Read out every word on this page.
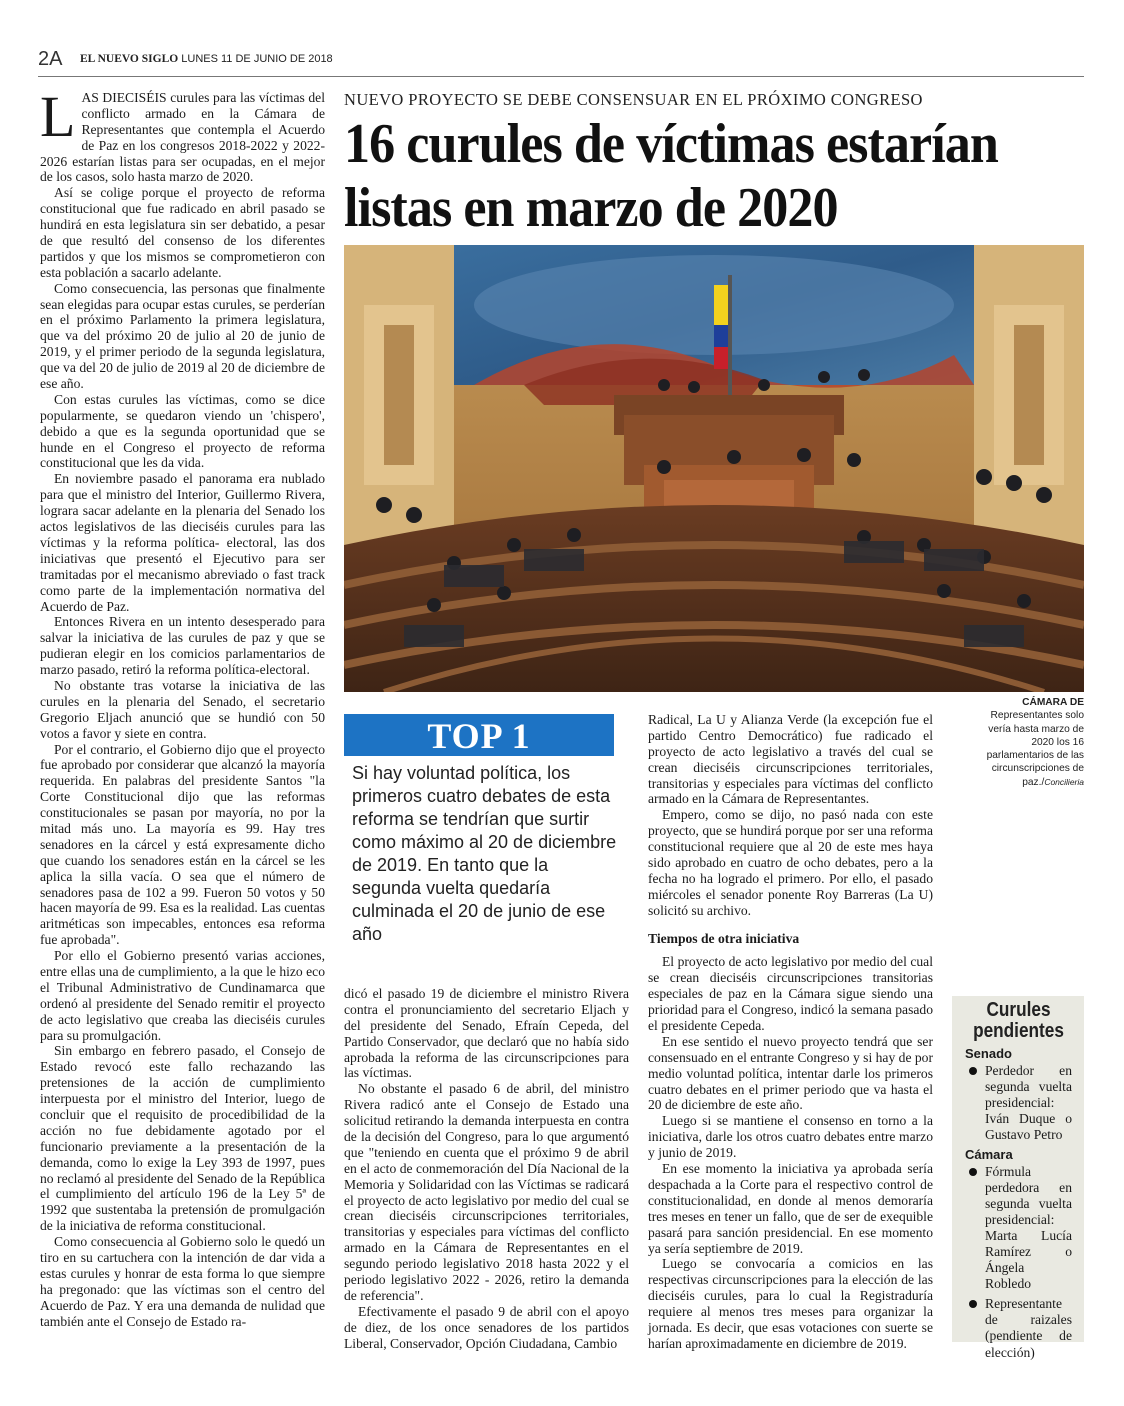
2A EL NUEVO SIGLO LUNES 11 DE JUNIO DE 2018

LAS DIECISÉIS curules para las víctimas del conflicto armado en la Cámara de Representantes que contempla el Acuerdo de Paz en los congresos 2018-2022 y 2022-2026 estarían listas para ser ocupadas, en el mejor de los casos, solo hasta marzo de 2020.

Así se colige porque el proyecto de reforma constitucional que fue radicado en abril pasado se hundirá en esta legislatura sin ser debatido, a pesar de que resultó del consenso de los diferentes partidos y que los mismos se comprometieron con esta población a sacarlo adelante.

Como consecuencia, las personas que finalmente sean elegidas para ocupar estas curules, se perderían en el próximo Parlamento la primera legislatura, que va del próximo 20 de julio al 20 de junio de 2019, y el primer periodo de la segunda legislatura, que va del 20 de julio de 2019 al 20 de diciembre de ese año.

Con estas curules las víctimas, como se dice popularmente, se quedaron viendo un 'chispero', debido a que es la segunda oportunidad que se hunde en el Congreso el proyecto de reforma constitucional que les da vida.

En noviembre pasado el panorama era nublado para que el ministro del Interior, Guillermo Rivera, lograra sacar adelante en la plenaria del Senado los actos legislativos de las dieciséis curules para las víctimas y la reforma política- electoral, las dos iniciativas que presentó el Ejecutivo para ser tramitadas por el mecanismo abreviado o fast track como parte de la implementación normativa del Acuerdo de Paz.

Entonces Rivera en un intento desesperado para salvar la iniciativa de las curules de paz y que se pudieran elegir en los comicios parlamentarios de marzo pasado, retiró la reforma política-electoral.

No obstante tras votarse la iniciativa de las curules en la plenaria del Senado, el secretario Gregorio Eljach anunció que se hundió con 50 votos a favor y siete en contra.

Por el contrario, el Gobierno dijo que el proyecto fue aprobado por considerar que alcanzó la mayoría requerida. En palabras del presidente Santos "la Corte Constitucional dijo que las reformas constitucionales se pasan por mayoría, no por la mitad más uno. La mayoría es 99. Hay tres senadores en la cárcel y está expresamente dicho que cuando los senadores están en la cárcel se les aplica la silla vacía. O sea que el número de senadores pasa de 102 a 99. Fueron 50 votos y 50 hacen mayoría de 99. Esa es la realidad. Las cuentas aritméticas son impecables, entonces esa reforma fue aprobada".

Por ello el Gobierno presentó varias acciones, entre ellas una de cumplimiento, a la que le hizo eco el Tribunal Administrativo de Cundinamarca que ordenó al presidente del Senado remitir el proyecto de acto legislativo que creaba las dieciséis curules para su promulgación.

Sin embargo en febrero pasado, el Consejo de Estado revocó este fallo rechazando las pretensiones de la acción de cumplimiento interpuesta por el ministro del Interior, luego de concluir que el requisito de procedibilidad de la acción no fue debidamente agotado por el funcionario previamente a la presentación de la demanda, como lo exige la Ley 393 de 1997, pues no reclamó al presidente del Senado de la República el cumplimiento del artículo 196 de la Ley 5ª de 1992 que sustentaba la pretensión de promulgación de la iniciativa de reforma constitucional.

Como consecuencia al Gobierno solo le quedó un tiro en su cartuchera con la intención de dar vida a estas curules y honrar de esta forma lo que siempre ha pregonado: que las víctimas son el centro del Acuerdo de Paz. Y era una demanda de nulidad que también ante el Consejo de Estado ra-

NUEVO PROYECTO SE DEBE CONSENSUAR EN EL PRÓXIMO CONGRESO
16 curules de víctimas estarían listas en marzo de 2020
CÁMARA DE
Representantes solo vería hasta marzo de 2020 los 16 parlamentarios de las circunscripciones de paz./Concilieria
TOP 1
Si hay voluntad política, los primeros cuatro debates de esta reforma se tendrían que surtir como máximo al 20 de diciembre de 2019. En tanto que la segunda vuelta quedaría culminada el 20 de junio de ese año

dicó el pasado 19 de diciembre el ministro Rivera contra el pronunciamiento del secretario Eljach y del presidente del Senado, Efraín Cepeda, del Partido Conservador, que declaró que no había sido aprobada la reforma de las circunscripciones para las víctimas.

No obstante el pasado 6 de abril, del ministro Rivera radicó ante el Consejo de Estado una solicitud retirando la demanda interpuesta en contra de la decisión del Congreso, para lo que argumentó que "teniendo en cuenta que el próximo 9 de abril en el acto de conmemoración del Día Nacional de la Memoria y Solidaridad con las Víctimas se radicará el proyecto de acto legislativo por medio del cual se crean dieciséis circunscripciones territoriales, transitorias y especiales para víctimas del conflicto armado en la Cámara de Representantes en el segundo periodo legislativo 2018 hasta 2022 y el periodo legislativo 2022 - 2026, retiro la demanda de referencia".

Efectivamente el pasado 9 de abril con el apoyo de diez, de los once senadores de los partidos Liberal, Conservador, Opción Ciudadana, Cambio

Radical, La U y Alianza Verde (la excepción fue el partido Centro Democrático) fue radicado el proyecto de acto legislativo a través del cual se crean dieciséis circunscripciones territoriales, transitorias y especiales para víctimas del conflicto armado en la Cámara de Representantes.

Empero, como se dijo, no pasó nada con este proyecto, que se hundirá porque por ser una reforma constitucional requiere que al 20 de este mes haya sido aprobado en cuatro de ocho debates, pero a la fecha no ha logrado el primero. Por ello, el pasado miércoles el senador ponente Roy Barreras (La U) solicitó su archivo.

Tiempos de otra iniciativa

El proyecto de acto legislativo por medio del cual se crean dieciséis circunscripciones transitorias especiales de paz en la Cámara sigue siendo una prioridad para el Congreso, indicó la semana pasado el presidente Cepeda.

En ese sentido el nuevo proyecto tendrá que ser consensuado en el entrante Congreso y si hay de por medio voluntad política, intentar darle los primeros cuatro debates en el primer periodo que va hasta el 20 de diciembre de este año.

Luego si se mantiene el consenso en torno a la iniciativa, darle los otros cuatro debates entre marzo y junio de 2019.

En ese momento la iniciativa ya aprobada sería despachada a la Corte para el respectivo control de constitucionalidad, en donde al menos demoraría tres meses en tener un fallo, que de ser de exequible pasará para sanción presidencial. En ese momento ya sería septiembre de 2019.

Luego se convocaría a comicios en las respectivas circunscripciones para la elección de las dieciséis curules, para lo cual la Registraduría requiere al menos tres meses para organizar la jornada. Es decir, que esas votaciones con suerte se harían aproximadamente en diciembre de 2019.

Curules pendientes
Senado
Perdedor en segunda vuelta presidencial: Iván Duque o Gustavo Petro
Cámara
Fórmula perdedora en segunda vuelta presidencial: Marta Lucía Ramírez o Ángela Robledo
Representante de raizales (pendiente de elección)
